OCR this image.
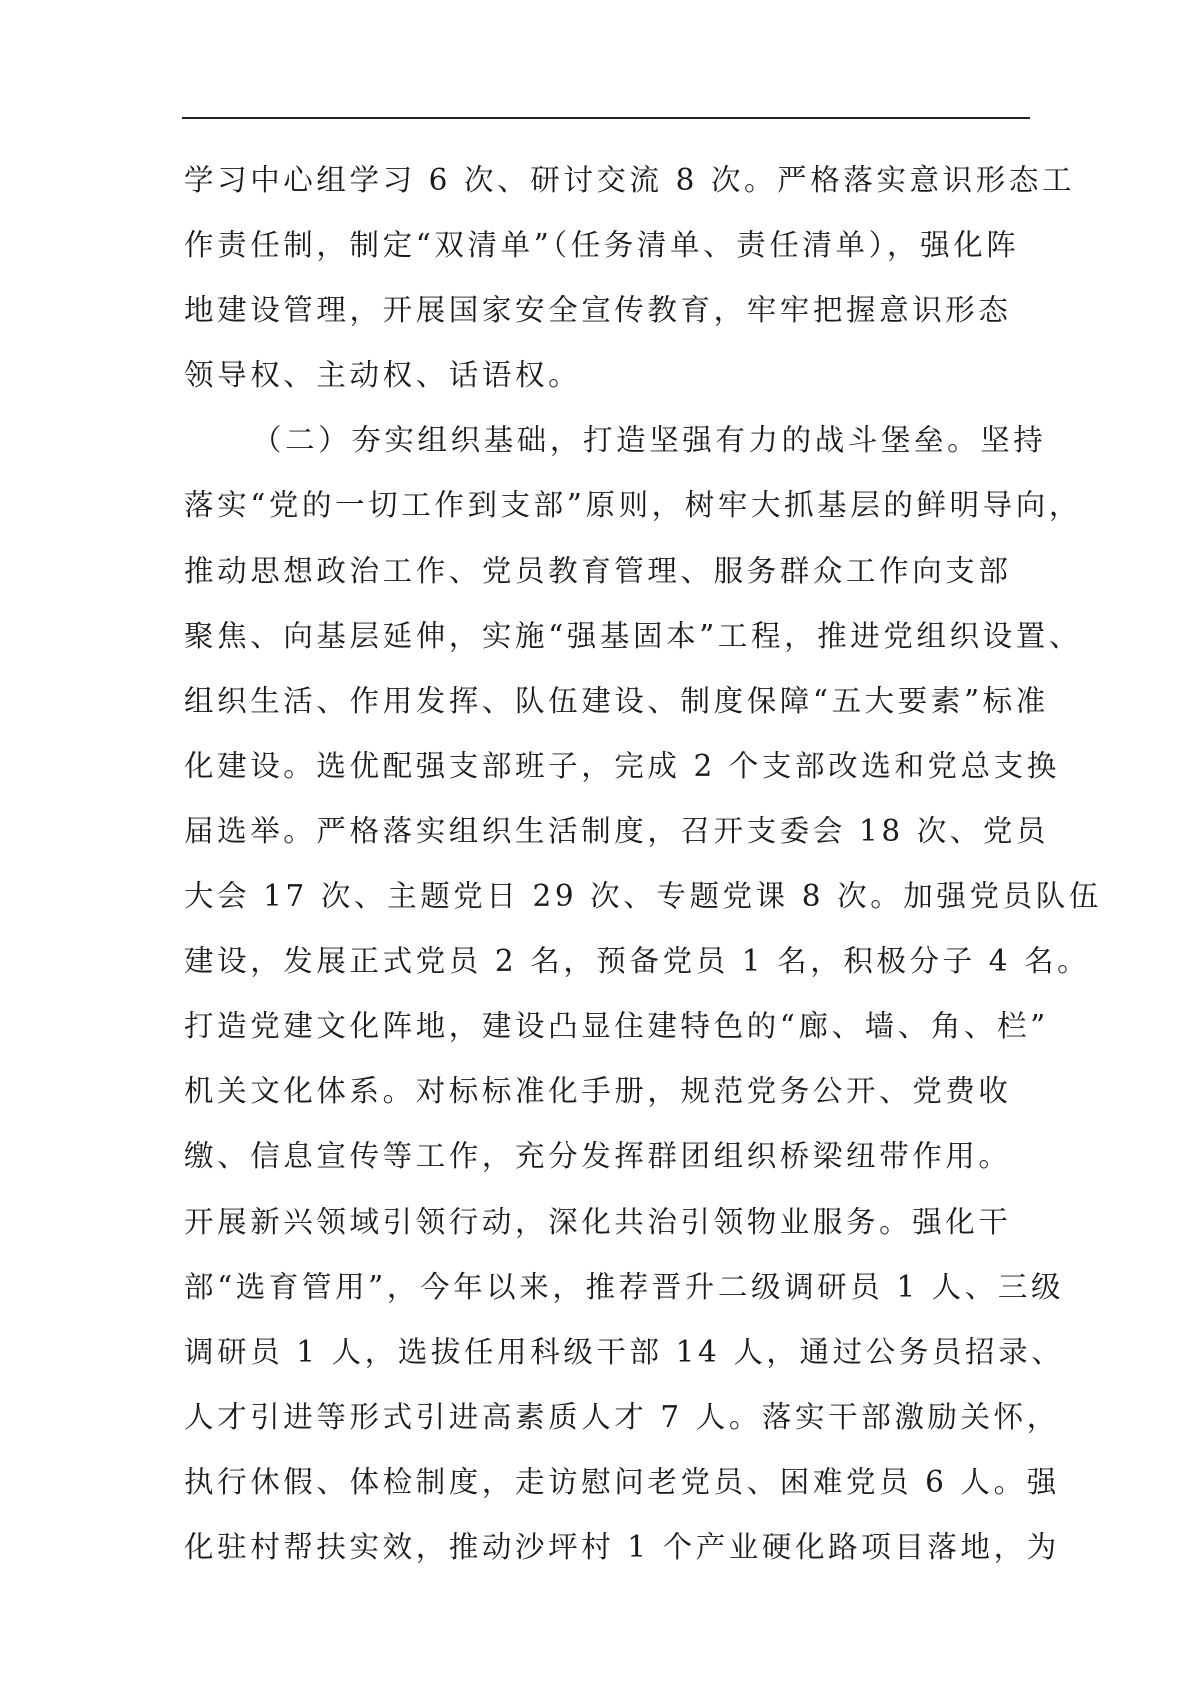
学习中心组学习 6 次、研讨交流 8 次。严格落实意识形态工
作责任制，制定“双清单”（任务清单、责任清单），强化阵
地建设管理，开展国家安全宣传教育，牢牢把握意识形态
领导权、主动权、话语权。
（二）夯实组织基础，打造坚强有力的战斗堡垒。坚持
落实“党的一切工作到支部”原则，树牢大抓基层的鲜明导向，
推动思想政治工作、党员教育管理、服务群众工作向支部
聚焦、向基层延伸，实施“强基固本”工程，推进党组织设置、
组织生活、作用发挥、队伍建设、制度保障“五大要素”标准
化建设。选优配强支部班子，完成 2 个支部改选和党总支换
届选举。严格落实组织生活制度，召开支委会 18 次、党员
大会 17 次、主题党日 29 次、专题党课 8 次。加强党员队伍
建设，发展正式党员 2 名，预备党员 1 名，积极分子 4 名。
打造党建文化阵地，建设凸显住建特色的“廊、墙、角、栏”
机关文化体系。对标标准化手册，规范党务公开、党费收
缴、信息宣传等工作，充分发挥群团组织桥梁纽带作用。
开展新兴领域引领行动，深化共治引领物业服务。强化干
部“选育管用”，今年以来，推荐晋升二级调研员 1 人、三级
调研员 1 人，选拔任用科级干部 14 人，通过公务员招录、
人才引进等形式引进高素质人才 7 人。落实干部激励关怀，
执行休假、体检制度，走访慰问老党员、困难党员 6 人。强
化驻村帮扶实效，推动沙坪村 1 个产业硬化路项目落地，为
